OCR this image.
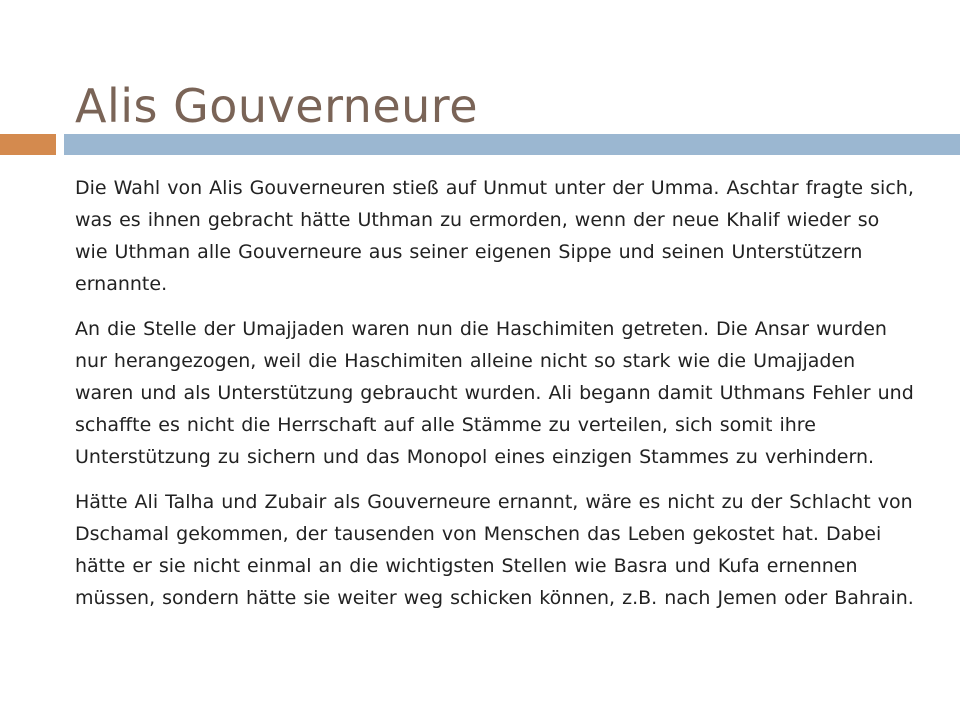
Alis Gouverneure
Die Wahl von Alis Gouverneuren stieß auf Unmut unter der Umma. Aschtar fragte sich, was es ihnen gebracht hätte Uthman zu ermorden, wenn der neue Khalif wieder so wie Uthman alle Gouverneure aus seiner eigenen Sippe und seinen Unterstützern ernannte.
An die Stelle der Umajjaden waren nun die Haschimiten getreten. Die Ansar wurden nur herangezogen, weil die Haschimiten alleine nicht so stark wie die Umajjaden waren und als Unterstützung gebraucht wurden. Ali begann damit Uthmans Fehler und schaffte es nicht die Herrschaft auf alle Stämme zu verteilen, sich somit ihre Unterstützung zu sichern und das Monopol eines einzigen Stammes zu verhindern.
Hätte Ali Talha und Zubair als Gouverneure ernannt, wäre es nicht zu der Schlacht von Dschamal gekommen, der tausenden von Menschen das Leben gekostet hat. Dabei hätte er sie nicht einmal an die wichtigsten Stellen wie Basra und Kufa ernennen müssen, sondern hätte sie weiter weg schicken können, z.B. nach Jemen oder Bahrain.
